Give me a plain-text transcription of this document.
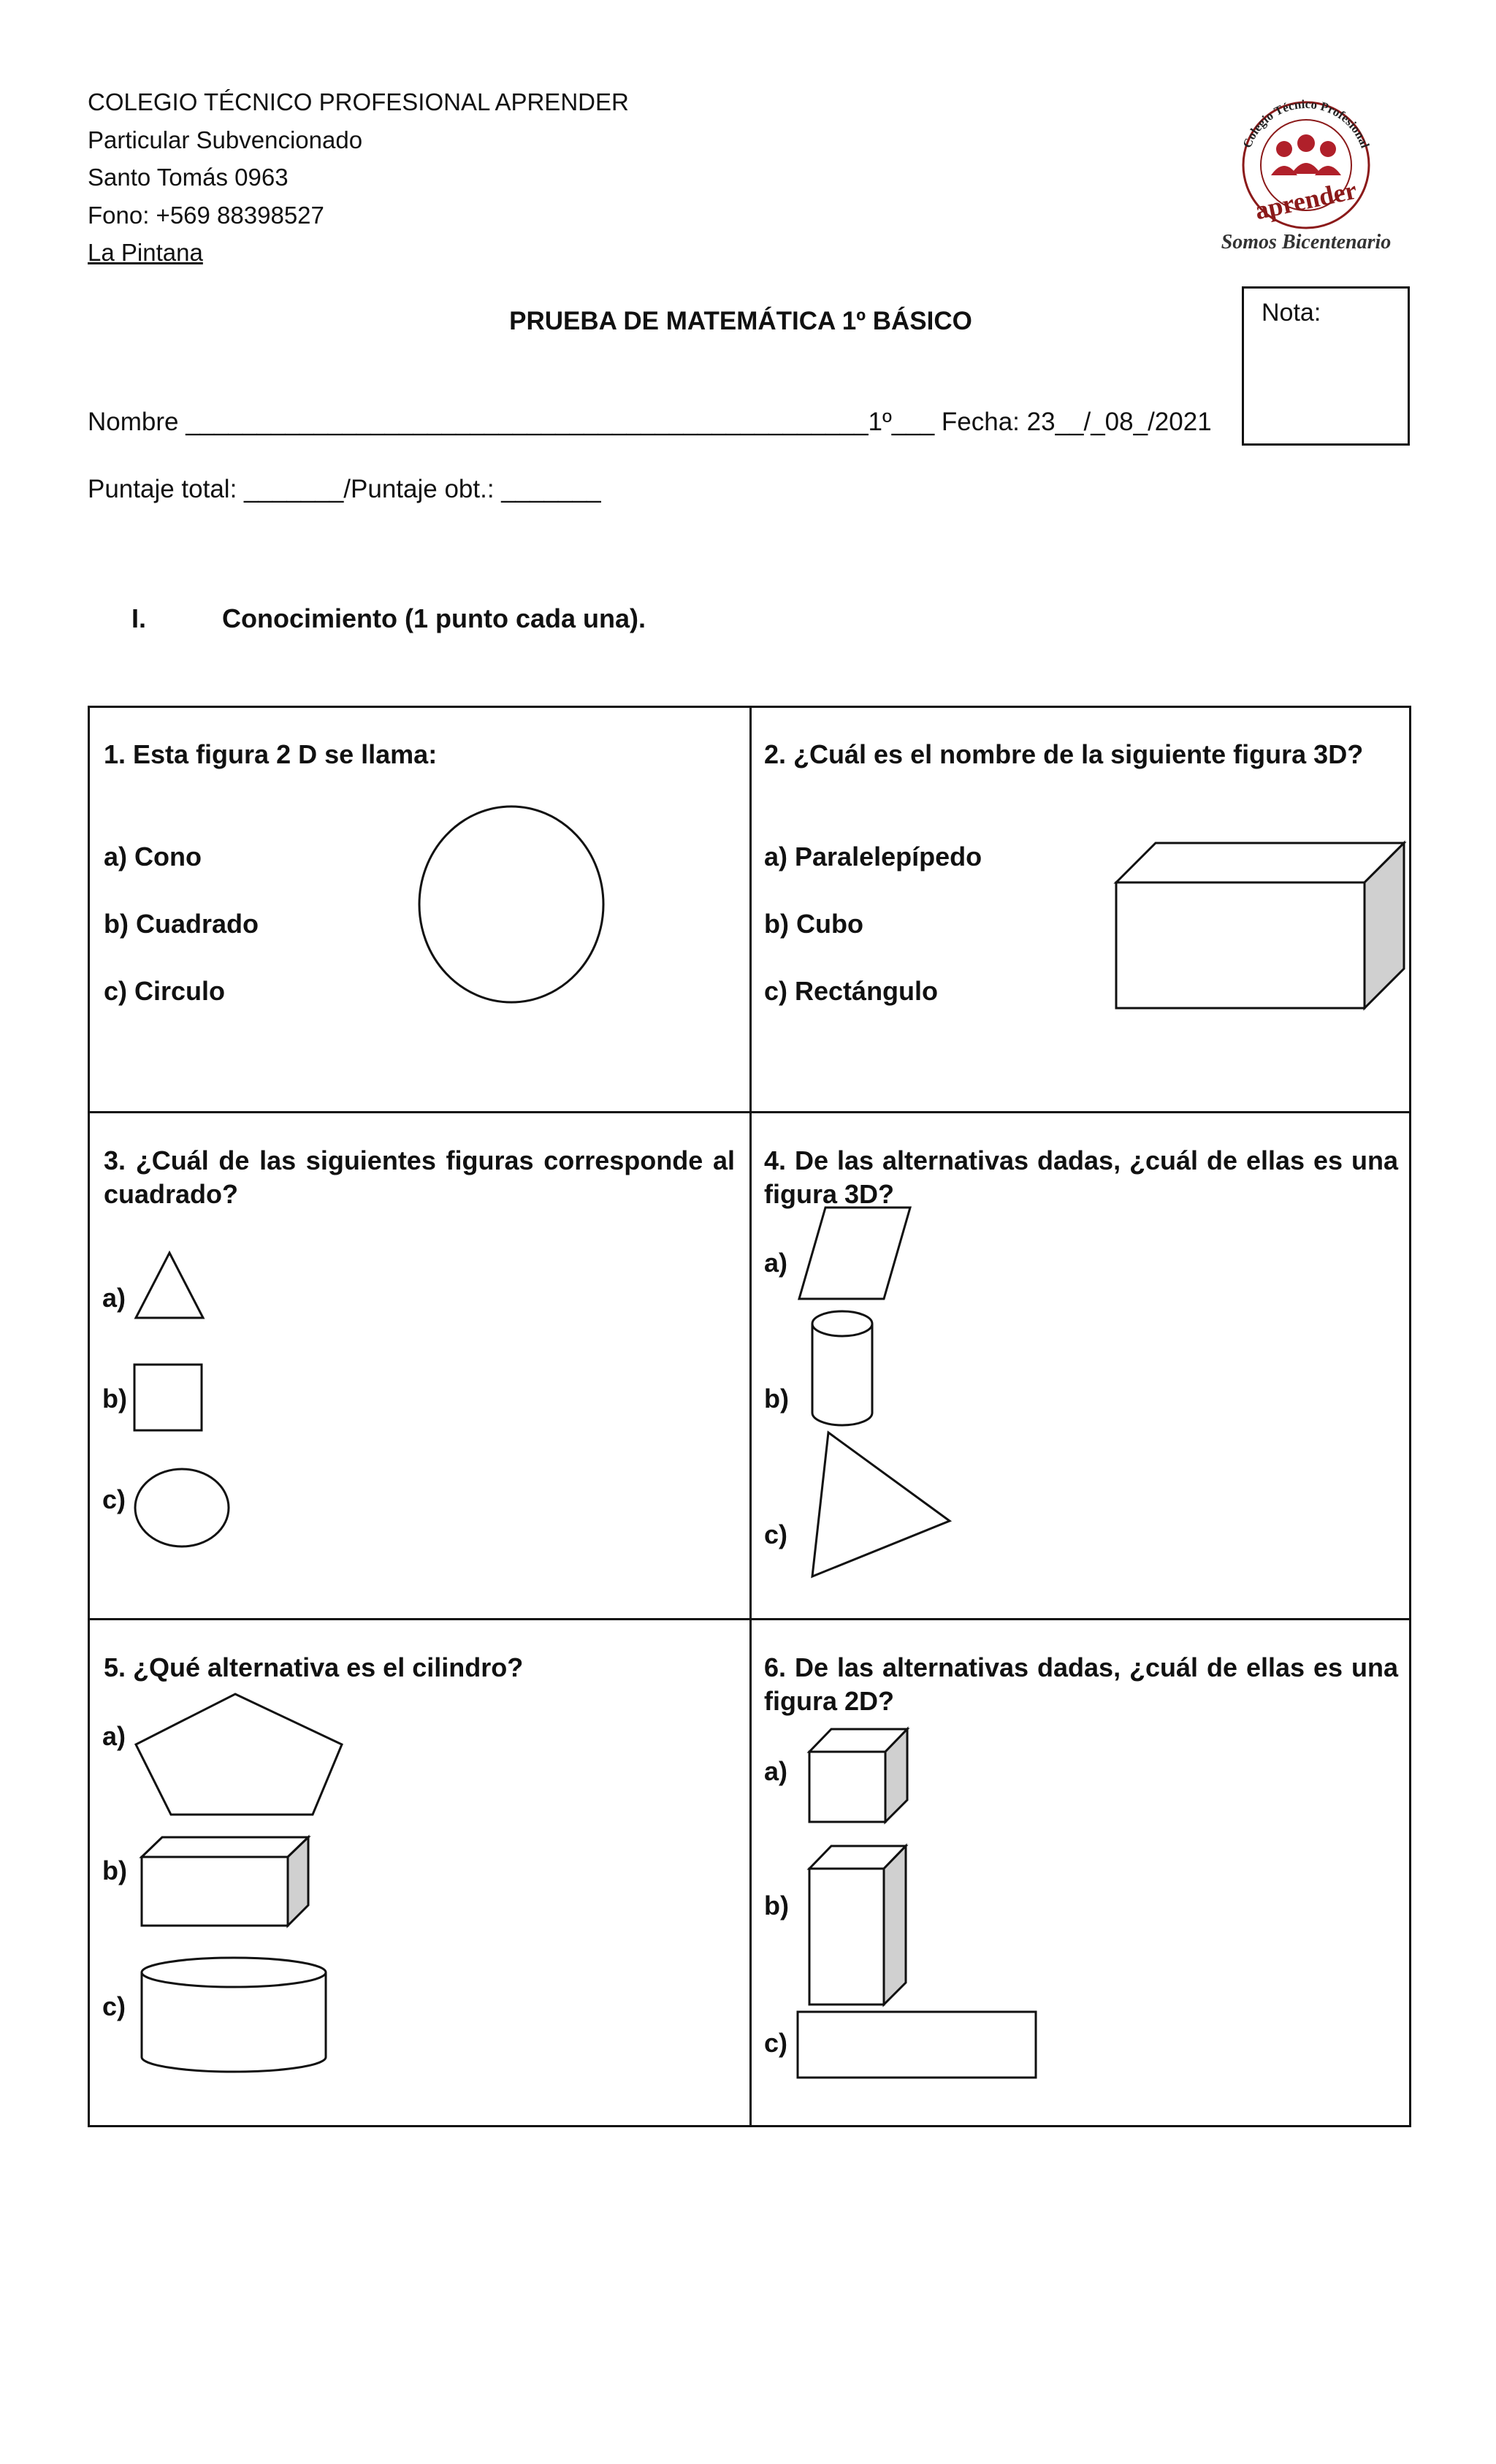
COLEGIO TÉCNICO PROFESIONAL APRENDER
Particular Subvencionado
Santo Tomás 0963
Fono: +569 88398527
La Pintana
Colegio Técnico Profesional
aprender
Somos Bicentenario
PRUEBA DE MATEMÁTICA 1º BÁSICO	Nota:
Nombre ________________________________________________1º___ Fecha: 23__/_08_/2021
Puntaje total: _______/Puntaje obt.: _______
I.	Conocimiento (1 punto cada una).
1. Esta figura 2 D se llama:
a) Cono
b) Cuadrado
c) Circulo
2. ¿Cuál es el nombre de la siguiente figura 3D?
a) Paralelepípedo
b) Cubo
c) Rectángulo
3. ¿Cuál de las siguientes figuras corresponde al cuadrado?
a)
b)
c)
4. De las alternativas dadas, ¿cuál de ellas es una figura 3D?
a)
b)
c)
5. ¿Qué alternativa es el cilindro?
a)
b)
c)
6. De las alternativas dadas, ¿cuál de ellas es una figura 2D?
a)
b)
c)
